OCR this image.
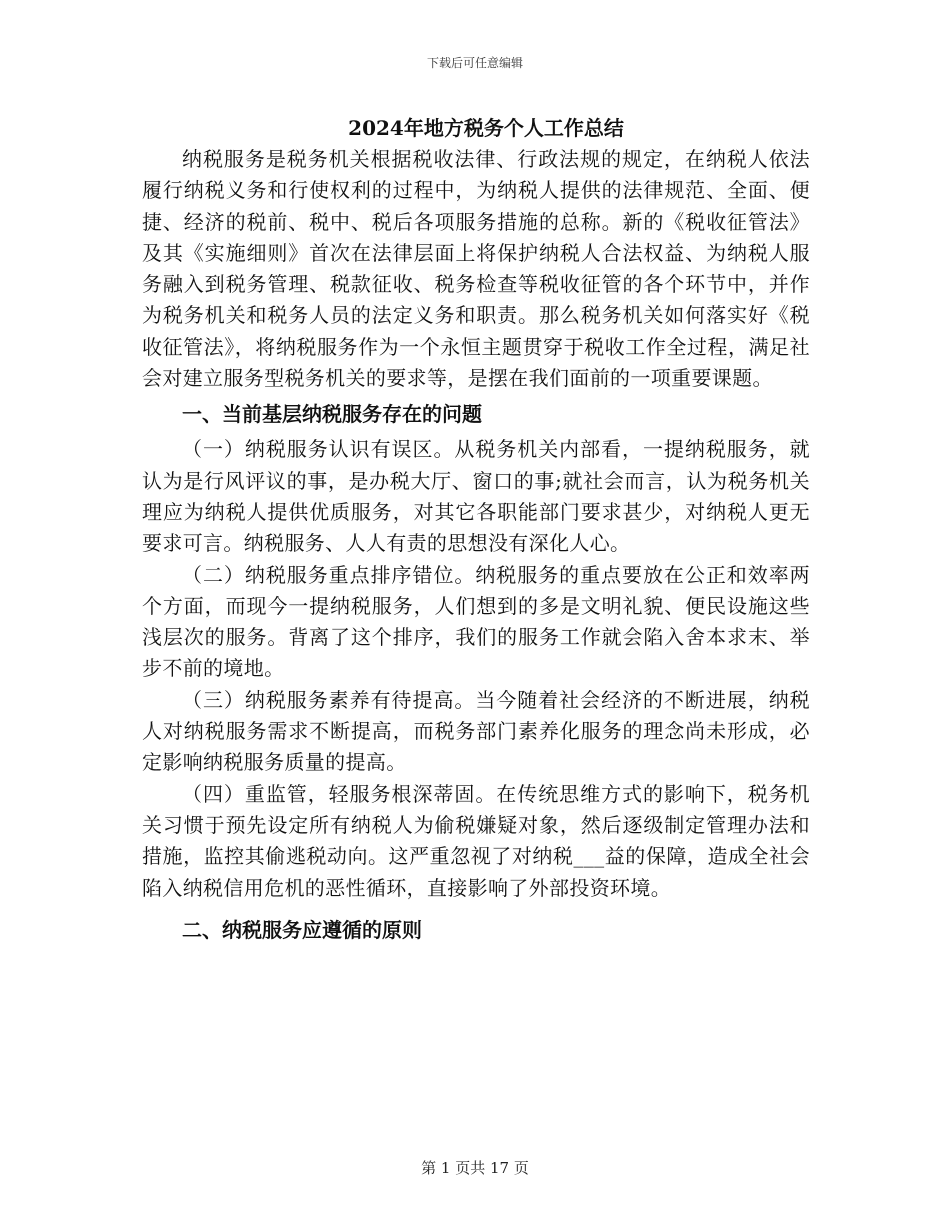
下载后可任意编辑
2024年地方税务个人工作总结

纳税服务是税务机关根据税收法律、行政法规的规定，在纳税人依法履行纳税义务和行使权利的过程中，为纳税人提供的法律规范、全面、便捷、经济的税前、税中、税后各项服务措施的总称。新的《税收征管法》及其《实施细则》首次在法律层面上将保护纳税人合法权益、为纳税人服务融入到税务管理、税款征收、税务检查等税收征管的各个环节中，并作为税务机关和税务人员的法定义务和职责。那么税务机关如何落实好《税收征管法》，将纳税服务作为一个永恒主题贯穿于税收工作全过程，满足社会对建立服务型税务机关的要求等，是摆在我们面前的一项重要课题。

一、当前基层纳税服务存在的问题

（一）纳税服务认识有误区。从税务机关内部看，一提纳税服务，就认为是行风评议的事，是办税大厅、窗口的事;就社会而言，认为税务机关理应为纳税人提供优质服务，对其它各职能部门要求甚少，对纳税人更无要求可言。纳税服务、人人有责的思想没有深化人心。

（二）纳税服务重点排序错位。纳税服务的重点要放在公正和效率两个方面，而现今一提纳税服务，人们想到的多是文明礼貌、便民设施这些浅层次的服务。背离了这个排序，我们的服务工作就会陷入舍本求末、举步不前的境地。

（三）纳税服务素养有待提高。当今随着社会经济的不断进展，纳税人对纳税服务需求不断提高，而税务部门素养化服务的理念尚未形成，必定影响纳税服务质量的提高。

（四）重监管，轻服务根深蒂固。在传统思维方式的影响下，税务机关习惯于预先设定所有纳税人为偷税嫌疑对象，然后逐级制定管理办法和措施，监控其偷逃税动向。这严重忽视了对纳税___益的保障，造成全社会陷入纳税信用危机的恶性循环，直接影响了外部投资环境。

二、纳税服务应遵循的原则
第 1 页共 17 页
